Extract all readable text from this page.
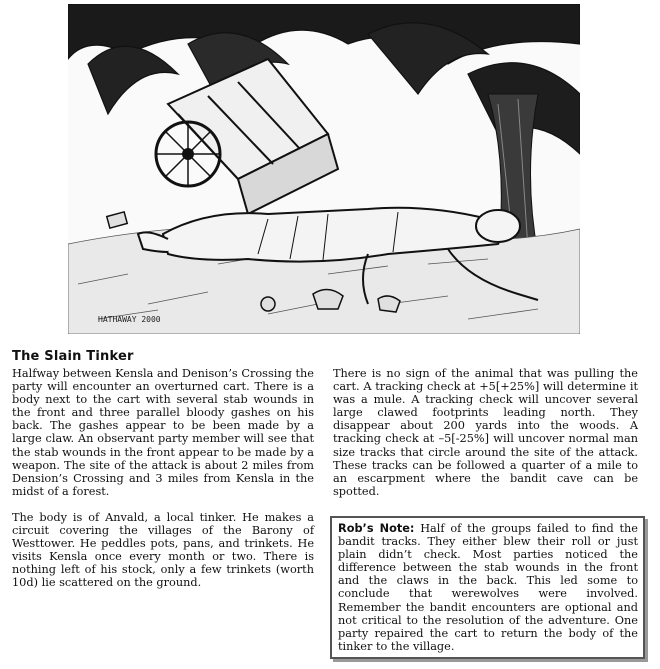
HATHAWAY 2000
The Slain Tinker

Halfway between Kensla and Denison’s Crossing the party will encounter an overturned cart. There is a body next to the cart with several stab wounds in the front and three parallel bloody gashes on his back. The gashes appear to be been made by a large claw. An observant party member will see that the stab wounds in the front appear to be made by a weapon. The site of the attack is about 2 miles from Dension’s Crossing and 3 miles from Kensla in the midst of a forest.

The body is of Anvald, a local tinker. He makes a circuit covering the villages of the Barony of Westtower. He peddles pots, pans, and trinkets. He visits Kensla once every month or two. There is nothing left of his stock, only a few trinkets (worth 10d) lie scattered on the ground.

There is no sign of the animal that was pulling the cart. A tracking check at +5[+25%] will determine it was a mule. A tracking check will uncover several large clawed footprints leading north. They disappear about 200 yards into the woods. A tracking check at –5[-25%] will uncover normal man size tracks that circle around the site of the attack. These tracks can be followed a quarter of a mile to an escarpment where the bandit cave can be spotted.

Rob’s Note: Half of the groups failed to find the bandit tracks. They either blew their roll or just plain didn’t check. Most parties noticed the difference between the stab wounds in the front and the claws in the back. This led some to conclude that werewolves were involved. Remember the bandit encounters are optional and not critical to the resolution of the adventure. One party repaired the cart to return the body of the tinker to the village.
